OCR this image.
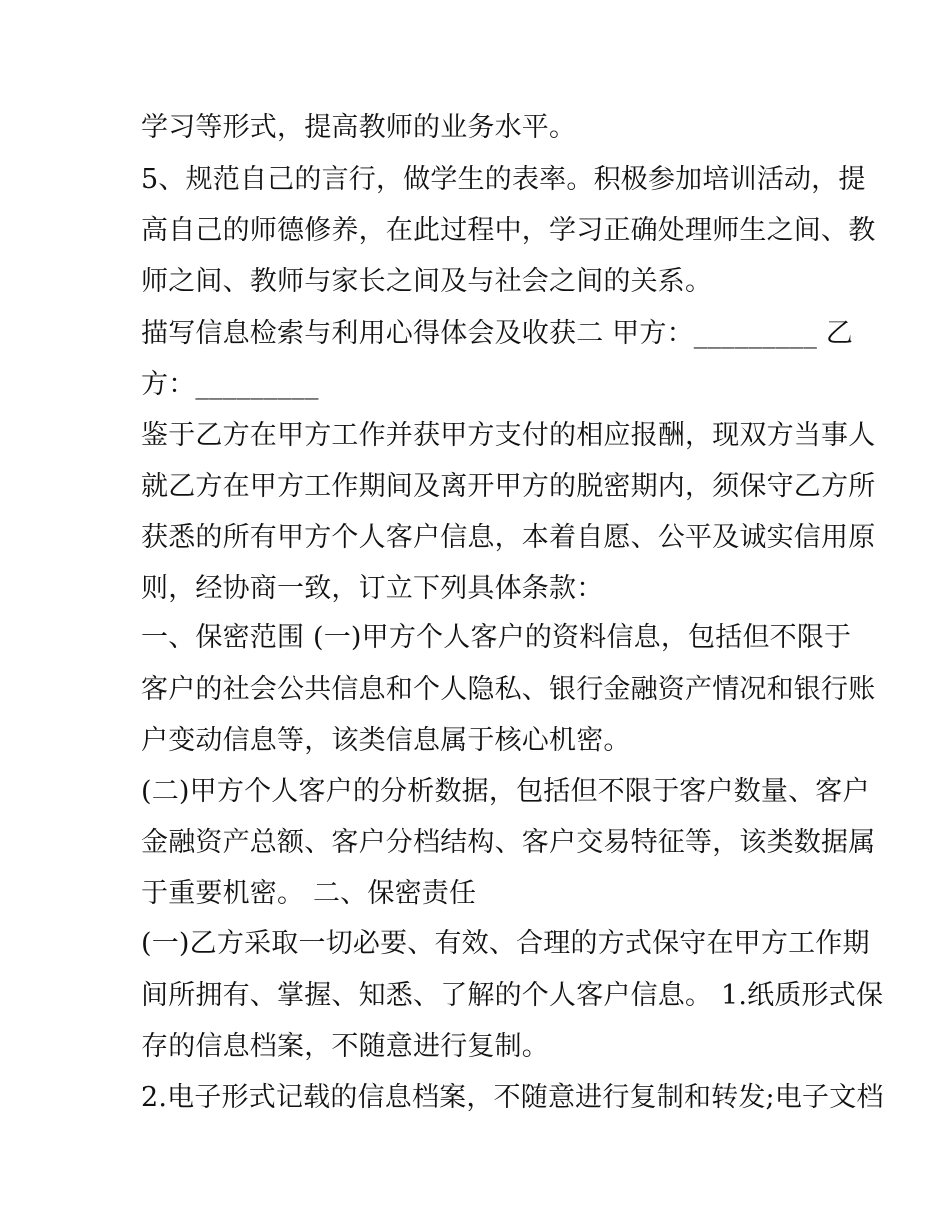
学习等形式，提高教师的业务水平。
5、规范自己的言行，做学生的表率。积极参加培训活动，提
高自己的师德修养，在此过程中，学习正确处理师生之间、教
师之间、教师与家长之间及与社会之间的关系。
描写信息检索与利用心得体会及收获二 甲方：_________ 乙
方：_________
鉴于乙方在甲方工作并获甲方支付的相应报酬，现双方当事人
就乙方在甲方工作期间及离开甲方的脱密期内，须保守乙方所
获悉的所有甲方个人客户信息，本着自愿、公平及诚实信用原
则，经协商一致，订立下列具体条款：
一、保密范围 (一)甲方个人客户的资料信息，包括但不限于
客户的社会公共信息和个人隐私、银行金融资产情况和银行账
户变动信息等，该类信息属于核心机密。
(二)甲方个人客户的分析数据，包括但不限于客户数量、客户
金融资产总额、客户分档结构、客户交易特征等，该类数据属
于重要机密。 二、保密责任
(一)乙方采取一切必要、有效、合理的方式保守在甲方工作期
间所拥有、掌握、知悉、了解的个人客户信息。 1.纸质形式保
存的信息档案，不随意进行复制。
2.电子形式记载的信息档案，不随意进行复制和转发;电子文档
